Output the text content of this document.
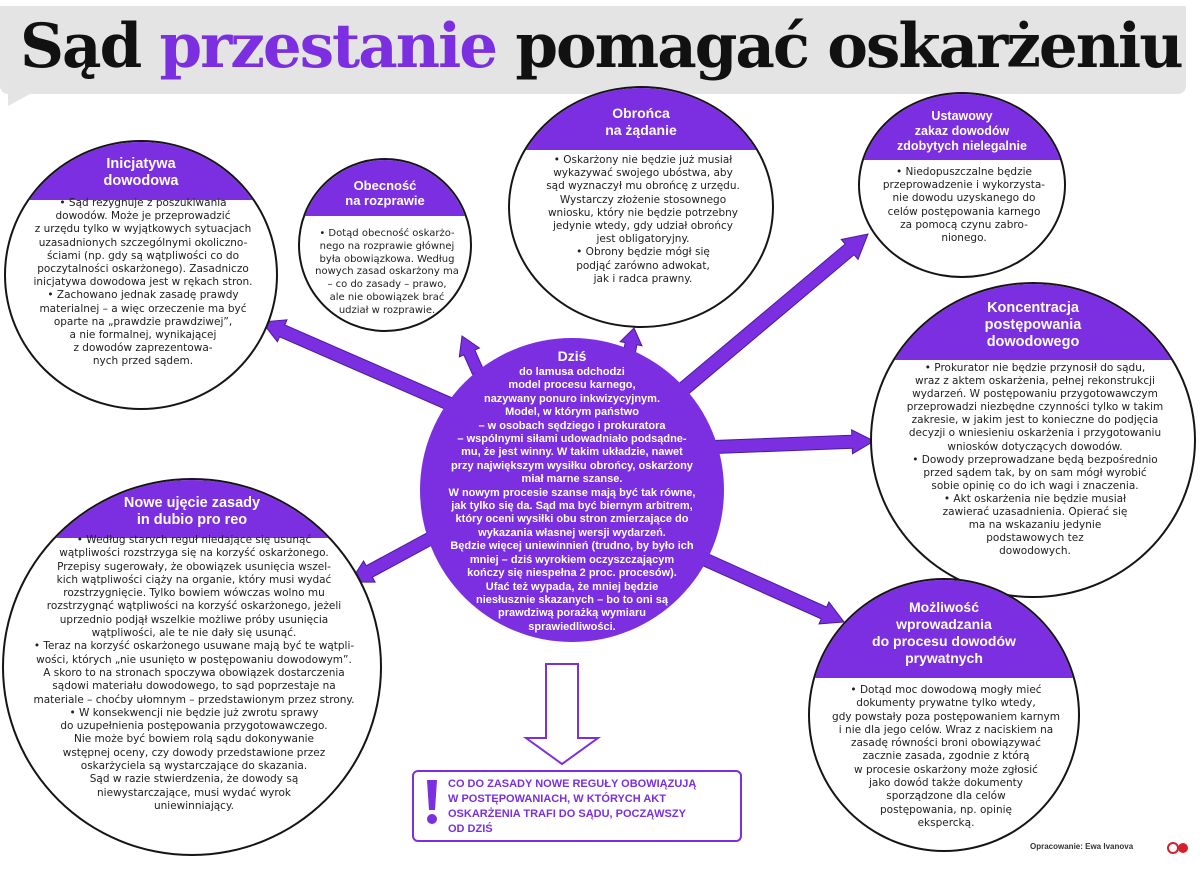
Sąd przestanie pomagać oskarżeniu
Inicjatywa
dowodowa
• Sąd rezygnuje z poszukiwania
dowodów. Może je przeprowadzić
z urzędu tylko w wyjątkowych sytuacjach
uzasadnionych szczególnymi okoliczno-
ściami (np. gdy są wątpliwości co do
poczytalności oskarżonego). Zasadniczo
inicjatywa dowodowa jest w rękach stron.
• Zachowano jednak zasadę prawdy
materialnej – a więc orzeczenie ma być
oparte na „prawdzie prawdziwej”,
a nie formalnej, wynikającej
z dowodów zaprezentowa-
nych przed sądem.
Obecność
na rozprawie
• Dotąd obecność oskarżo-
nego na rozprawie głównej
była obowiązkowa. Według
nowych zasad oskarżony ma
– co do zasady – prawo,
ale nie obowiązek brać
udział w rozprawie.
Obrońca
na żądanie
• Oskarżony nie będzie już musiał
wykazywać swojego ubóstwa, aby
sąd wyznaczył mu obrońcę z urzędu.
Wystarczy złożenie stosownego
wniosku, który nie będzie potrzebny
jedynie wtedy, gdy udział obrońcy
jest obligatoryjny.
• Obrony będzie mógł się
podjąć zarówno adwokat,
jak i radca prawny.
Ustawowy
zakaz dowodów
zdobytych nielegalnie
• Niedopuszczalne będzie
przeprowadzenie i wykorzysta-
nie dowodu uzyskanego do
celów postępowania karnego
za pomocą czynu zabro-
nionego.
Koncentracja
postępowania
dowodowego
• Prokurator nie będzie przynosił do sądu,
wraz z aktem oskarżenia, pełnej rekonstrukcji
wydarzeń. W postępowaniu przygotowawczym
przeprowadzi niezbędne czynności tylko w takim
zakresie, w jakim jest to konieczne do podjęcia
decyzji o wniesieniu oskarżenia i przygotowaniu
wniosków dotyczących dowodów.
• Dowody przeprowadzane będą bezpośrednio
przed sądem tak, by on sam mógł wyrobić
sobie opinię co do ich wagi i znaczenia.
• Akt oskarżenia nie będzie musiał
zawierać uzasadnienia. Opierać się
ma na wskazaniu jedynie
podstawowych tez
dowodowych.
Nowe ujęcie zasady
in dubio pro reo
• Według starych reguł niedające się usunąć
wątpliwości rozstrzyga się na korzyść oskarżonego.
Przepisy sugerowały, że obowiązek usunięcia wszel-
kich wątpliwości ciąży na organie, który musi wydać
rozstrzygnięcie. Tylko bowiem wówczas wolno mu
rozstrzygnąć wątpliwości na korzyść oskarżonego, jeżeli
uprzednio podjął wszelkie możliwe próby usunięcia
wątpliwości, ale te nie dały się usunąć.
• Teraz na korzyść oskarżonego usuwane mają być te wątpli-
wości, których „nie usunięto w postępowaniu dowodowym”.
A skoro to na stronach spoczywa obowiązek dostarczenia
sądowi materiału dowodowego, to sąd poprzestaje na
materiale – choćby ułomnym – przedstawionym przez strony.
• W konsekwencji nie będzie już zwrotu sprawy
do uzupełnienia postępowania przygotowawczego.
Nie może być bowiem rolą sądu dokonywanie
wstępnej oceny, czy dowody przedstawione przez
oskarżyciela są wystarczające do skazania.
Sąd w razie stwierdzenia, że dowody są
niewystarczające, musi wydać wyrok
uniewinniający.
Możliwość
wprowadzania
do procesu dowodów
prywatnych
• Dotąd moc dowodową mogły mieć
dokumenty prywatne tylko wtedy,
gdy powstały poza postępowaniem karnym
i nie dla jego celów. Wraz z naciskiem na
zasadę równości broni obowiązywać
zacznie zasada, zgodnie z którą
w procesie oskarżony może zgłosić
jako dowód także dokumenty
sporządzone dla celów
postępowania, np. opinię
ekspercką.
Dziś
do lamusa odchodzi
model procesu karnego,
nazywany ponuro inkwizycyjnym.
Model, w którym państwo
– w osobach sędziego i prokuratora
– wspólnymi siłami udowadniało podsądne-
mu, że jest winny. W takim układzie, nawet
przy największym wysiłku obrońcy, oskarżony
miał marne szanse.
W nowym procesie szanse mają być tak równe,
jak tylko się da. Sąd ma być biernym arbitrem,
który oceni wysiłki obu stron zmierzające do
wykazania własnej wersji wydarzeń.
Będzie więcej uniewinnień (trudno, by było ich
mniej – dziś wyrokiem oczyszczającym
kończy się niespełna 2 proc. procesów).
Ufać też wypada, że mniej będzie
niesłusznie skazanych – bo to oni są
prawdziwą porażką wymiaru
sprawiedliwości.
CO DO ZASADY NOWE REGUŁY OBOWIĄZUJĄ
W POSTĘPOWANIACH, W KTÓRYCH AKT
OSKARŻENIA TRAFI DO SĄDU, POCZĄWSZY
OD DZIŚ
Opracowanie: Ewa Ivanova
